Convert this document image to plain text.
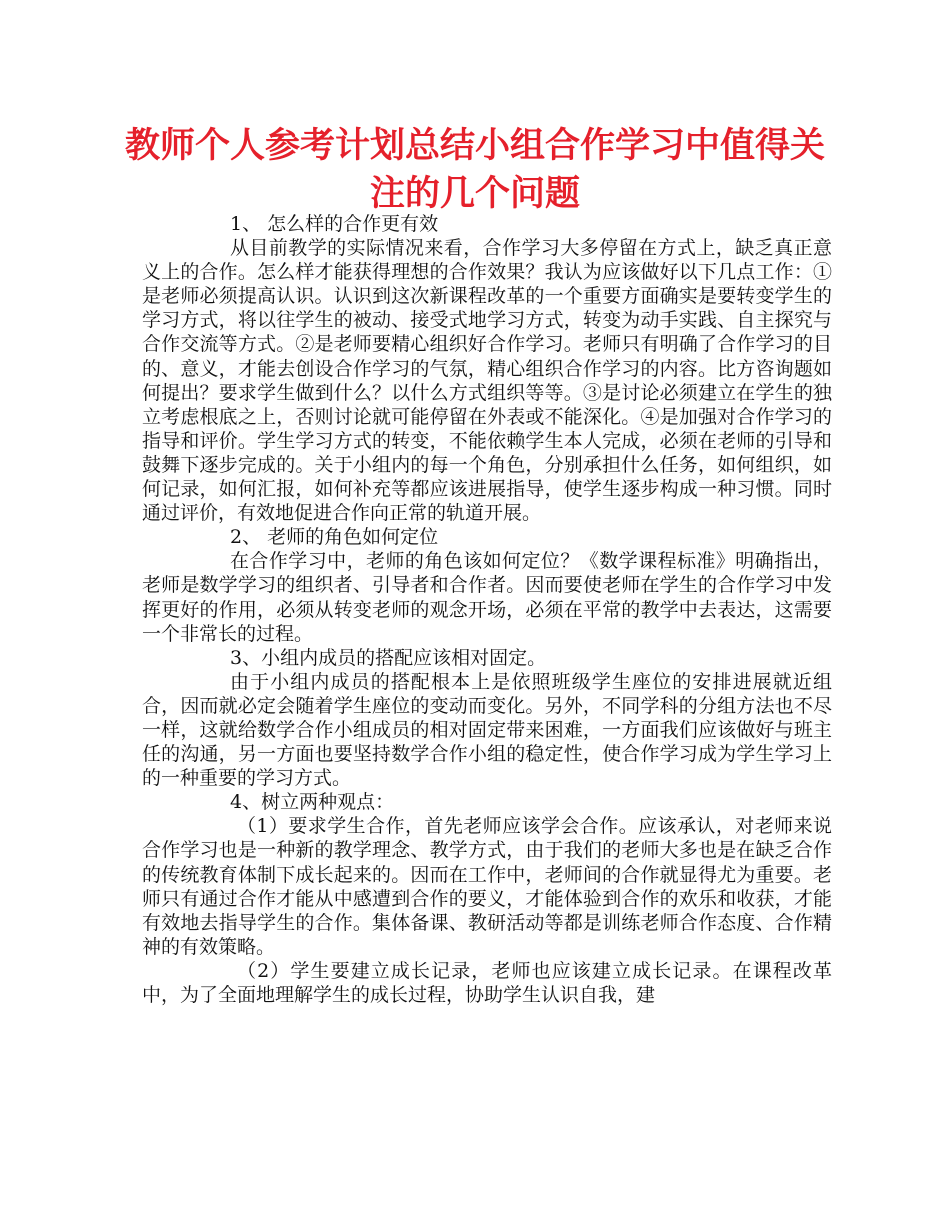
教师个人参考计划总结小组合作学习中值得关注的几个问题

1、 怎么样的合作更有效

从目前教学的实际情况来看，合作学习大多停留在方式上，缺乏真正意义上的合作。怎么样才能获得理想的合作效果？我认为应该做好以下几点工作：①是老师必须提高认识。认识到这次新课程改革的一个重要方面确实是要转变学生的学习方式，将以往学生的被动、接受式地学习方式，转变为动手实践、自主探究与合作交流等方式。②是老师要精心组织好合作学习。老师只有明确了合作学习的目的、意义，才能去创设合作学习的气氛，精心组织合作学习的内容。比方咨询题如何提出？要求学生做到什么？以什么方式组织等等。③是讨论必须建立在学生的独立考虑根底之上，否则讨论就可能停留在外表或不能深化。④是加强对合作学习的指导和评价。学生学习方式的转变，不能依赖学生本人完成，必须在老师的引导和鼓舞下逐步完成的。关于小组内的每一个角色，分别承担什么任务，如何组织，如何记录，如何汇报，如何补充等都应该进展指导，使学生逐步构成一种习惯。同时通过评价，有效地促进合作向正常的轨道开展。

2、 老师的角色如何定位

在合作学习中，老师的角色该如何定位？《数学课程标准》明确指出，老师是数学学习的组织者、引导者和合作者。因而要使老师在学生的合作学习中发挥更好的作用，必须从转变老师的观念开场，必须在平常的教学中去表达，这需要一个非常长的过程。

3、小组内成员的搭配应该相对固定。

由于小组内成员的搭配根本上是依照班级学生座位的安排进展就近组合，因而就必定会随着学生座位的变动而变化。另外，不同学科的分组方法也不尽一样，这就给数学合作小组成员的相对固定带来困难，一方面我们应该做好与班主任的沟通，另一方面也要坚持数学合作小组的稳定性，使合作学习成为学生学习上的一种重要的学习方式。

4、树立两种观点：

（1）要求学生合作，首先老师应该学会合作。应该承认，对老师来说合作学习也是一种新的教学理念、教学方式，由于我们的老师大多也是在缺乏合作的传统教育体制下成长起来的。因而在工作中，老师间的合作就显得尤为重要。老师只有通过合作才能从中感遭到合作的要义，才能体验到合作的欢乐和收获，才能有效地去指导学生的合作。集体备课、教研活动等都是训练老师合作态度、合作精神的有效策略。

（2）学生要建立成长记录，老师也应该建立成长记录。在课程改革中，为了全面地理解学生的成长过程，协助学生认识自我，建
